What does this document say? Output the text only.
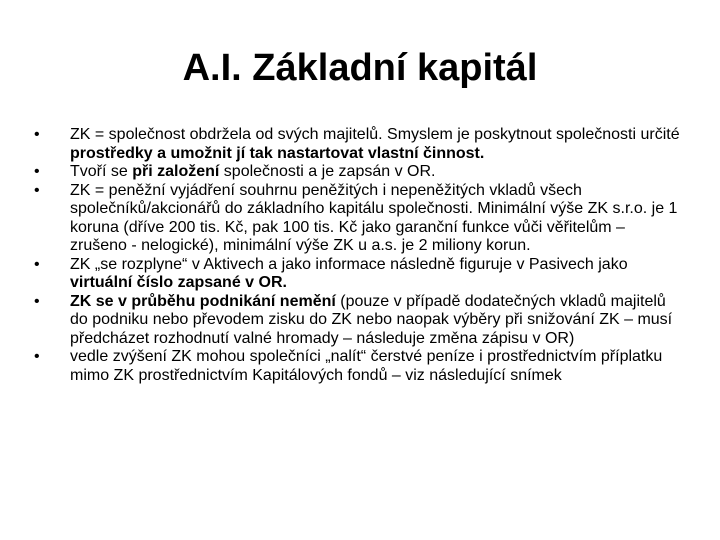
A.I. Základní kapitál
• ZK = společnost obdržela od svých majitelů. Smyslem je poskytnout společnosti určité prostředky a umožnit jí tak nastartovat vlastní činnost.
• Tvoří se při založení společnosti a je zapsán v OR.
• ZK = peněžní vyjádření souhrnu peněžitých i nepeněžitých vkladů všech společníků/akcionářů do základního kapitálu společnosti. Minimální výše ZK s.r.o. je 1 koruna (dříve 200 tis. Kč, pak 100 tis. Kč jako garanční funkce vůči věřitelům – zrušeno - nelogické), minimální výše ZK u a.s. je 2 miliony korun.
• ZK „se rozplyne“ v Aktivech a jako informace následně figuruje v Pasivech jako virtuální číslo zapsané v OR.
• ZK se v průběhu podnikání nemění (pouze v případě dodatečných vkladů majitelů do podniku nebo převodem zisku do ZK nebo naopak výběry při snižování ZK – musí předcházet rozhodnutí valné hromady – následuje změna zápisu v OR)
• vedle zvýšení ZK mohou společníci „nalít“ čerstvé peníze i prostřednictvím příplatku mimo ZK prostřednictvím Kapitálových fondů – viz následující snímek
